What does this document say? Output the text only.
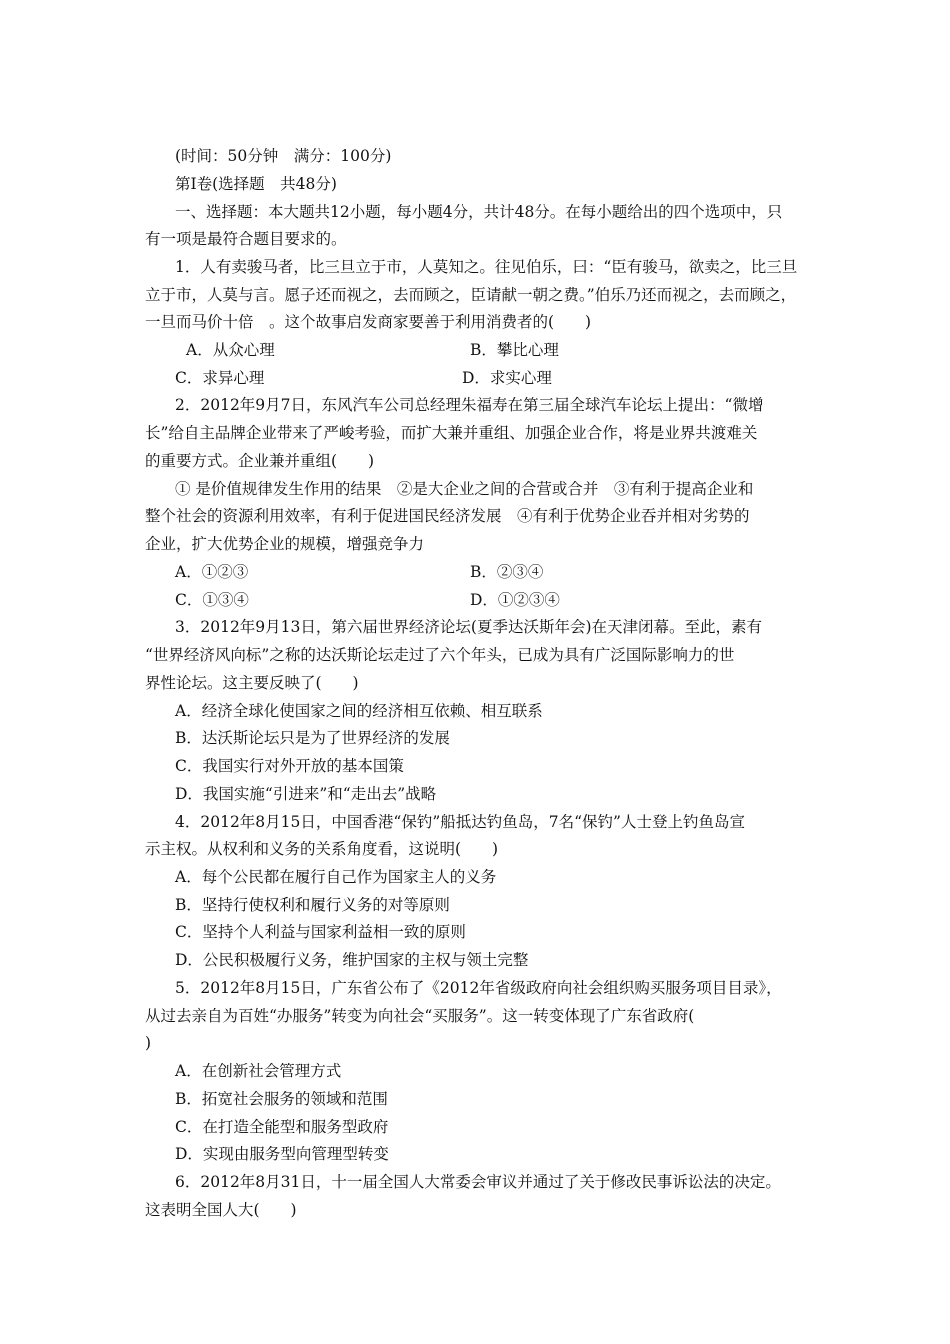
(时间：50分钟　满分：100分)
第Ⅰ卷(选择题　共48分)
一、选择题：本大题共12小题，每小题4分，共计48分。在每小题给出的四个选项中，只
有一项是最符合题目要求的。
1．人有卖骏马者，比三旦立于市，人莫知之。往见伯乐，曰：“臣有骏马，欲卖之，比三旦
立于市，人莫与言。愿子还而视之，去而顾之，臣请献一朝之费。”伯乐乃还而视之，去而顾之，
一旦而马价十倍　。这个故事启发商家要善于利用消费者的(　　)
A．从众心理	B．攀比心理
C．求异心理	D．求实心理
2．2012年9月7日，东风汽车公司总经理朱福寿在第三届全球汽车论坛上提出：“微增
长”给自主品牌企业带来了严峻考验，而扩大兼并重组、加强企业合作，将是业界共渡难关
的重要方式。企业兼并重组(　　)
① 是价值规律发生作用的结果　②是大企业之间的合营或合并　③有利于提高企业和
整个社会的资源利用效率，有利于促进国民经济发展　④有利于优势企业吞并相对劣势的
企业，扩大优势企业的规模，增强竞争力
A．①②③	B．②③④
C．①③④	D．①②③④
3．2012年9月13日，第六届世界经济论坛(夏季达沃斯年会)在天津闭幕。至此，素有
“世界经济风向标”之称的达沃斯论坛走过了六个年头，已成为具有广泛国际影响力的世
界性论坛。这主要反映了(　　)
A．经济全球化使国家之间的经济相互依赖、相互联系
B．达沃斯论坛只是为了世界经济的发展
C．我国实行对外开放的基本国策
D．我国实施“引进来”和“走出去”战略
4．2012年8月15日，中国香港“保钓”船抵达钓鱼岛，7名“保钓”人士登上钓鱼岛宣
示主权。从权利和义务的关系角度看，这说明(　　)
A．每个公民都在履行自己作为国家主人的义务
B．坚持行使权利和履行义务的对等原则
C．坚持个人利益与国家利益相一致的原则
D．公民积极履行义务，维护国家的主权与领土完整
5．2012年8月15日，广东省公布了《2012年省级政府向社会组织购买服务项目目录》，
从过去亲自为百姓“办服务”转变为向社会“买服务”。这一转变体现了广东省政府(
)
A．在创新社会管理方式
B．拓宽社会服务的领域和范围
C．在打造全能型和服务型政府
D．实现由服务型向管理型转变
6．2012年8月31日，十一届全国人大常委会审议并通过了关于修改民事诉讼法的决定。
这表明全国人大(　　)
